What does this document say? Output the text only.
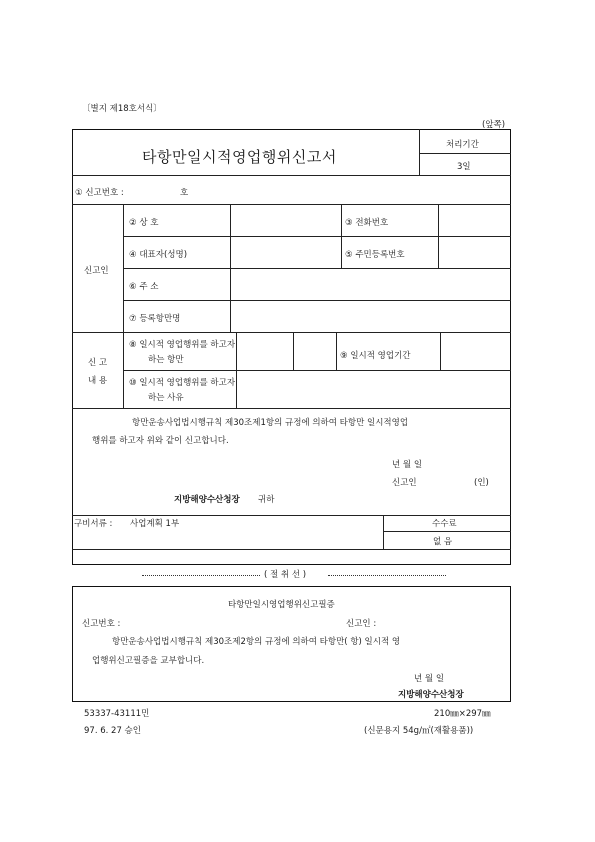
〔별지 제18호서식〕
(앞쪽)
타항만일시적영업행위신고서
처리기간
3일
① 신고번호 :	호
신고인
② 상 호	③ 전화번호
④ 대표자(성명)	⑤ 주민등록번호
⑥ 주 소
⑦ 등록항만명
신 고
내 용
⑧ 일시적 영업행위를 하고자
하는 항만	⑨ 일시적 영업기간
⑩ 일시적 영업행위를 하고자
하는 사유
항만운송사업법시행규칙 제30조제1항의 규정에 의하여 타항만 일시적영업
행위를 하고자 위와 같이 신고합니다.
년 월 일
신고인	(인)
지방해양수산청장 귀하
구비서류 : 사업계획 1부	수수료
없 음
( 절 취 선 )
타항만일시영업행위신고필증
신고번호 :	신고인 :
항만운송사업법시행규칙 제30조제2항의 규정에 의하여 타항만( 항) 일시적 영
업행위신고필증을 교부합니다.
년 월 일
지방해양수산청장
53337-43111민
97. 6. 27 승인
210㎜×297㎜
(신문용지 54g/㎡(재활용품))
